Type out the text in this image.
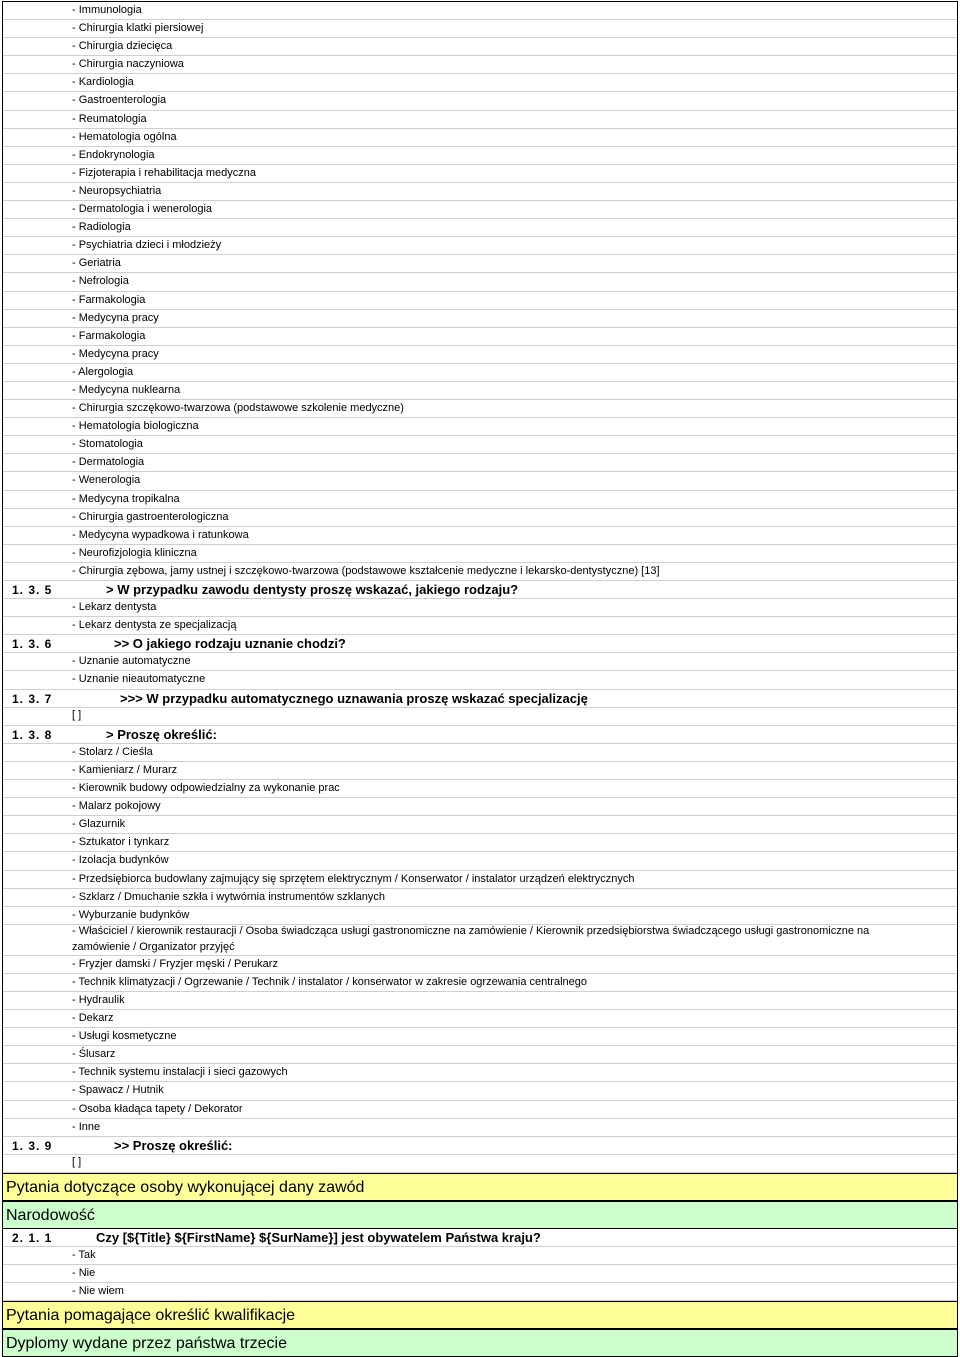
- Immunologia
- Chirurgia klatki piersiowej
- Chirurgia dziecięca
- Chirurgia naczyniowa
- Kardiologia
- Gastroenterologia
- Reumatologia
- Hematologia ogólna
- Endokrynologia
- Fizjoterapia i rehabilitacja medyczna
- Neuropsychiatria
- Dermatologia i wenerologia
- Radiologia
- Psychiatria dzieci i młodzieży
- Geriatria
- Nefrologia
- Farmakologia
- Medycyna pracy
- Farmakologia
- Medycyna pracy
- Alergologia
- Medycyna nuklearna
- Chirurgia szczękowo-twarzowa (podstawowe szkolenie medyczne)
- Hematologia biologiczna
- Stomatologia
- Dermatologia
- Wenerologia
- Medycyna tropikalna
- Chirurgia gastroenterologiczna
- Medycyna wypadkowa i ratunkowa
- Neurofizjologia kliniczna
- Chirurgia zębowa, jamy ustnej i szczękowo-twarzowa (podstawowe kształcenie medyczne i lekarsko-dentystyczne) [13]
1. 3. 5	> W przypadku zawodu dentysty proszę wskazać, jakiego rodzaju?
- Lekarz dentysta
- Lekarz dentysta ze specjalizacją
1. 3. 6	>> O jakiego rodzaju uznanie chodzi?
- Uznanie automatyczne
- Uznanie nieautomatyczne
1. 3. 7	>>> W przypadku automatycznego uznawania proszę wskazać specjalizację
[ ]
1. 3. 8	> Proszę określić:
- Stolarz / Cieśla
- Kamieniarz / Murarz
- Kierownik budowy odpowiedzialny za wykonanie prac
- Malarz pokojowy
- Glazurnik
- Sztukator i tynkarz
- Izolacja budynków
- Przedsiębiorca budowlany zajmujący się sprzętem elektrycznym / Konserwator / instalator urządzeń elektrycznych
- Szklarz / Dmuchanie szkła i wytwórnia instrumentów szklanych
- Wyburzanie budynków
- Właściciel / kierownik restauracji / Osoba świadcząca usługi gastronomiczne na zamówienie / Kierownik przedsiębiorstwa świadczącego usługi gastronomiczne na zamówienie / Organizator przyjęć
- Fryzjer damski / Fryzjer męski / Perukarz
- Technik klimatyzacji / Ogrzewanie / Technik / instalator / konserwator w zakresie ogrzewania centralnego
- Hydraulik
- Dekarz
- Usługi kosmetyczne
- Ślusarz
- Technik systemu instalacji i sieci gazowych
- Spawacz / Hutnik
- Osoba kładąca tapety / Dekorator
- Inne
1. 3. 9	>> Proszę określić:
[ ]
Pytania dotyczące osoby wykonującej dany zawód
Narodowość
2. 1. 1	Czy [${Title} ${FirstName} ${SurName}] jest obywatelem Państwa kraju?
- Tak
- Nie
- Nie wiem
Pytania pomagające określić kwalifikacje
Dyplomy wydane przez państwa trzecie
